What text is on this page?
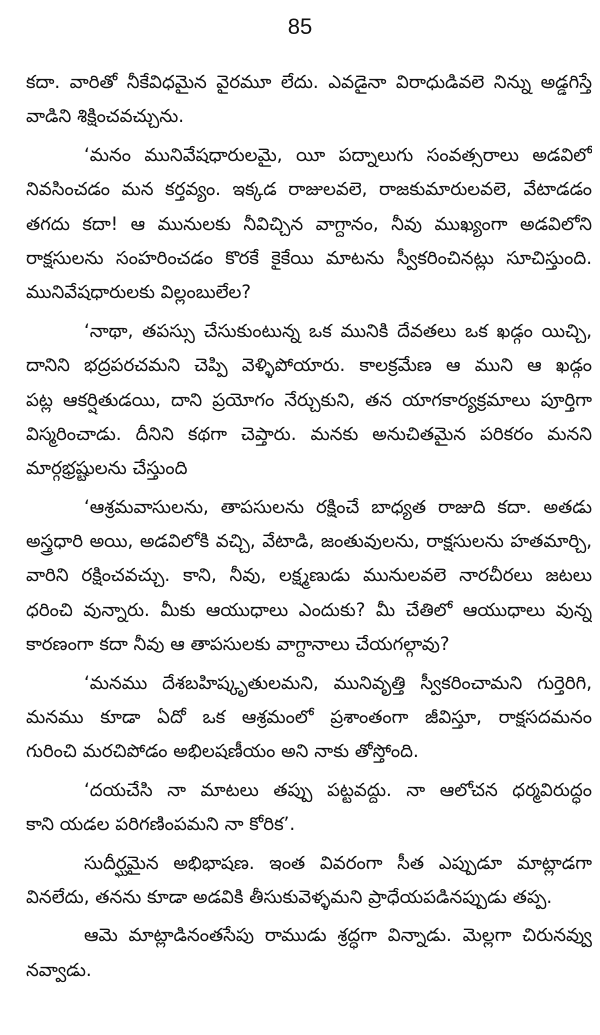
85
కదా. వారితో నీకేవిధమైన వైరమూ లేదు. ఎవడైనా విరాధుడివలె నిన్ను అడ్డగిస్తే
వాడిని శిక్షించవచ్చును.
‘మనం మునివేషధారులమై, యీ పద్నాలుగు సంవత్సరాలు అడవిలో
నివసించడం మన కర్తవ్యం. ఇక్కడ రాజులవలె, రాజకుమారులవలె, వేటాడడం
తగదు కదా! ఆ మునులకు నీవిచ్చిన వాగ్దానం, నీవు ముఖ్యంగా అడవిలోని
రాక్షసులను సంహరించడం కొరకే కైకేయి మాటను స్వీకరించినట్లు సూచిస్తుంది.
మునివేషధారులకు విల్లంబులేల?
‘నాథా, తపస్సు చేసుకుంటున్న ఒక మునికి దేవతలు ఒక ఖడ్గం యిచ్చి,
దానిని భద్రపరచమని చెప్పి వెళ్ళిపోయారు. కాలక్రమేణ ఆ ముని ఆ ఖడ్గం
పట్ల ఆకర్షితుడయి, దాని ప్రయోగం నేర్చుకుని, తన యాగకార్యక్రమాలు పూర్తిగా
విస్మరించాడు. దీనిని కథగా చెప్తారు. మనకు అనుచితమైన పరికరం మనని
మార్గభ్రష్టులను చేస్తుంది
‘ఆశ్రమవాసులను, తాపసులను రక్షించే బాధ్యత రాజుది కదా. అతడు
అస్త్రధారి అయి, అడవిలోకి వచ్చి, వేటాడి, జంతువులను, రాక్షసులను హతమార్చి,
వారిని రక్షించవచ్చు. కాని, నీవు, లక్ష్మణుడు మునులవలె నారచీరలు జటలు
ధరించి వున్నారు. మీకు ఆయుధాలు ఎందుకు? మీ చేతిలో ఆయుధాలు వున్న
కారణంగా కదా నీవు ఆ తాపసులకు వాగ్దానాలు చేయగల్గావు?
‘మనము దేశబహిష్కృతులమని, మునివృత్తి స్వీకరించామని గుర్తెరిగి,
మనము కూడా ఏదో ఒక ఆశ్రమంలో ప్రశాంతంగా జీవిస్తూ, రాక్షసదమనం
గురించి మరచిపోడం అభిలషణీయం అని నాకు తోస్తోంది.
‘దయచేసి నా మాటలు తప్పు పట్టవద్దు. నా ఆలోచన ధర్మవిరుద్ధం
కాని యడల పరిగణింపమని నా కోరిక’.
సుదీర్ఘమైన అభిభాషణ. ఇంత వివరంగా సీత ఎప్పుడూ మాట్లాడగా
వినలేదు, తనను కూడా అడవికి తీసుకువెళ్ళమని ప్రాధేయపడినప్పుడు తప్ప.
ఆమె మాట్లాడినంతసేపు రాముడు శ్రద్ధగా విన్నాడు. మెల్లగా చిరునవ్వు
నవ్వాడు.
